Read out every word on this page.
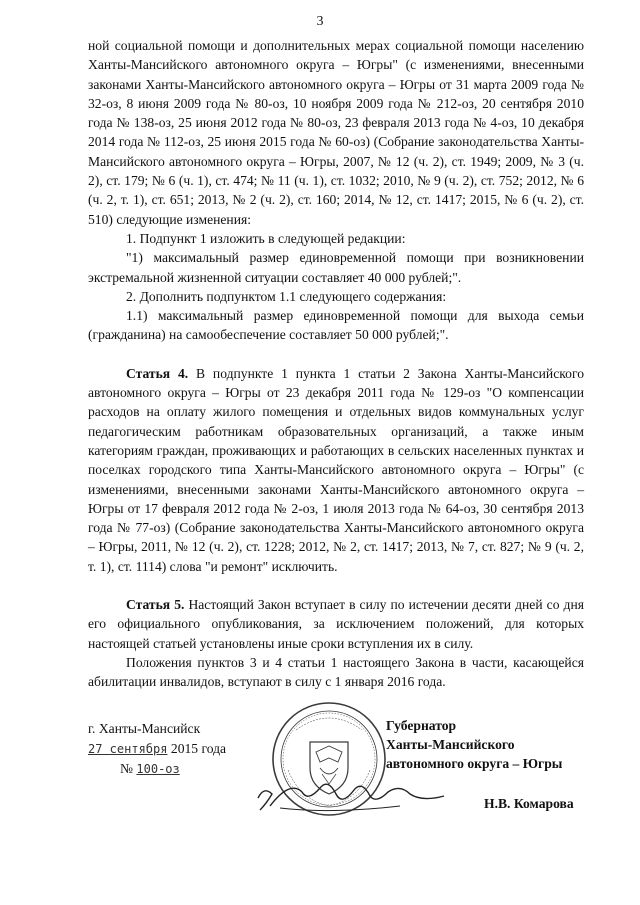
3

ной социальной помощи и дополнительных мерах социальной помощи населению Ханты-Мансийского автономного округа – Югры" (с изменениями, внесенными законами Ханты-Мансийского автономного округа – Югры от 31 марта 2009 года № 32-оз, 8 июня 2009 года № 80-оз, 10 ноября 2009 года № 212-оз, 20 сентября 2010 года № 138-оз, 25 июня 2012 года № 80-оз, 23 февраля 2013 года № 4-оз, 10 декабря 2014 года № 112-оз, 25 июня 2015 года № 60-оз) (Собрание законодательства Ханты-Мансийского автономного округа – Югры, 2007, № 12 (ч. 2), ст. 1949; 2009, № 3 (ч. 2), ст. 179; № 6 (ч. 1), ст. 474; № 11 (ч. 1), ст. 1032; 2010, № 9 (ч. 2), ст. 752; 2012, № 6 (ч. 2, т. 1), ст. 651; 2013, № 2 (ч. 2), ст. 160; 2014, № 12, ст. 1417; 2015, № 6 (ч. 2), ст. 510) следующие изменения:

1. Подпункт 1 изложить в следующей редакции:

"1) максимальный размер единовременной помощи при возникновении экстремальной жизненной ситуации составляет 40 000 рублей;".

2. Дополнить подпунктом 1.1 следующего содержания:

1.1) максимальный размер единовременной помощи для выхода семьи (гражданина) на самообеспечение составляет 50 000 рублей;".

Статья 4. В подпункте 1 пункта 1 статьи 2 Закона Ханты-Мансийского автономного округа – Югры от 23 декабря 2011 года № 129-оз "О компенсации расходов на оплату жилого помещения и отдельных видов коммунальных услуг педагогическим работникам образовательных организаций, а также иным категориям граждан, проживающих и работающих в сельских населенных пунктах и поселках городского типа Ханты-Мансийского автономного округа – Югры" (с изменениями, внесенными законами Ханты-Мансийского автономного округа – Югры от 17 февраля 2012 года № 2-оз, 1 июля 2013 года № 64-оз, 30 сентября 2013 года № 77-оз) (Собрание законодательства Ханты-Мансийского автономного округа – Югры, 2011, № 12 (ч. 2), ст. 1228; 2012, № 2, ст. 1417; 2013, № 7, ст. 827; № 9 (ч. 2, т. 1), ст. 1114) слова "и ремонт" исключить.

Статья 5. Настоящий Закон вступает в силу по истечении десяти дней со дня его официального опубликования, за исключением положений, для которых настоящей статьей установлены иные сроки вступления их в силу.

Положения пунктов 3 и 4 статьи 1 настоящего Закона в части, касающейся абилитации инвалидов, вступают в силу с 1 января 2016 года.

г. Ханты-Мансийск
27 сентября 2015 года
№ 100-оз
Губернатор
Ханты-Мансийского
автономного округа – Югры
Н.В. Комарова
